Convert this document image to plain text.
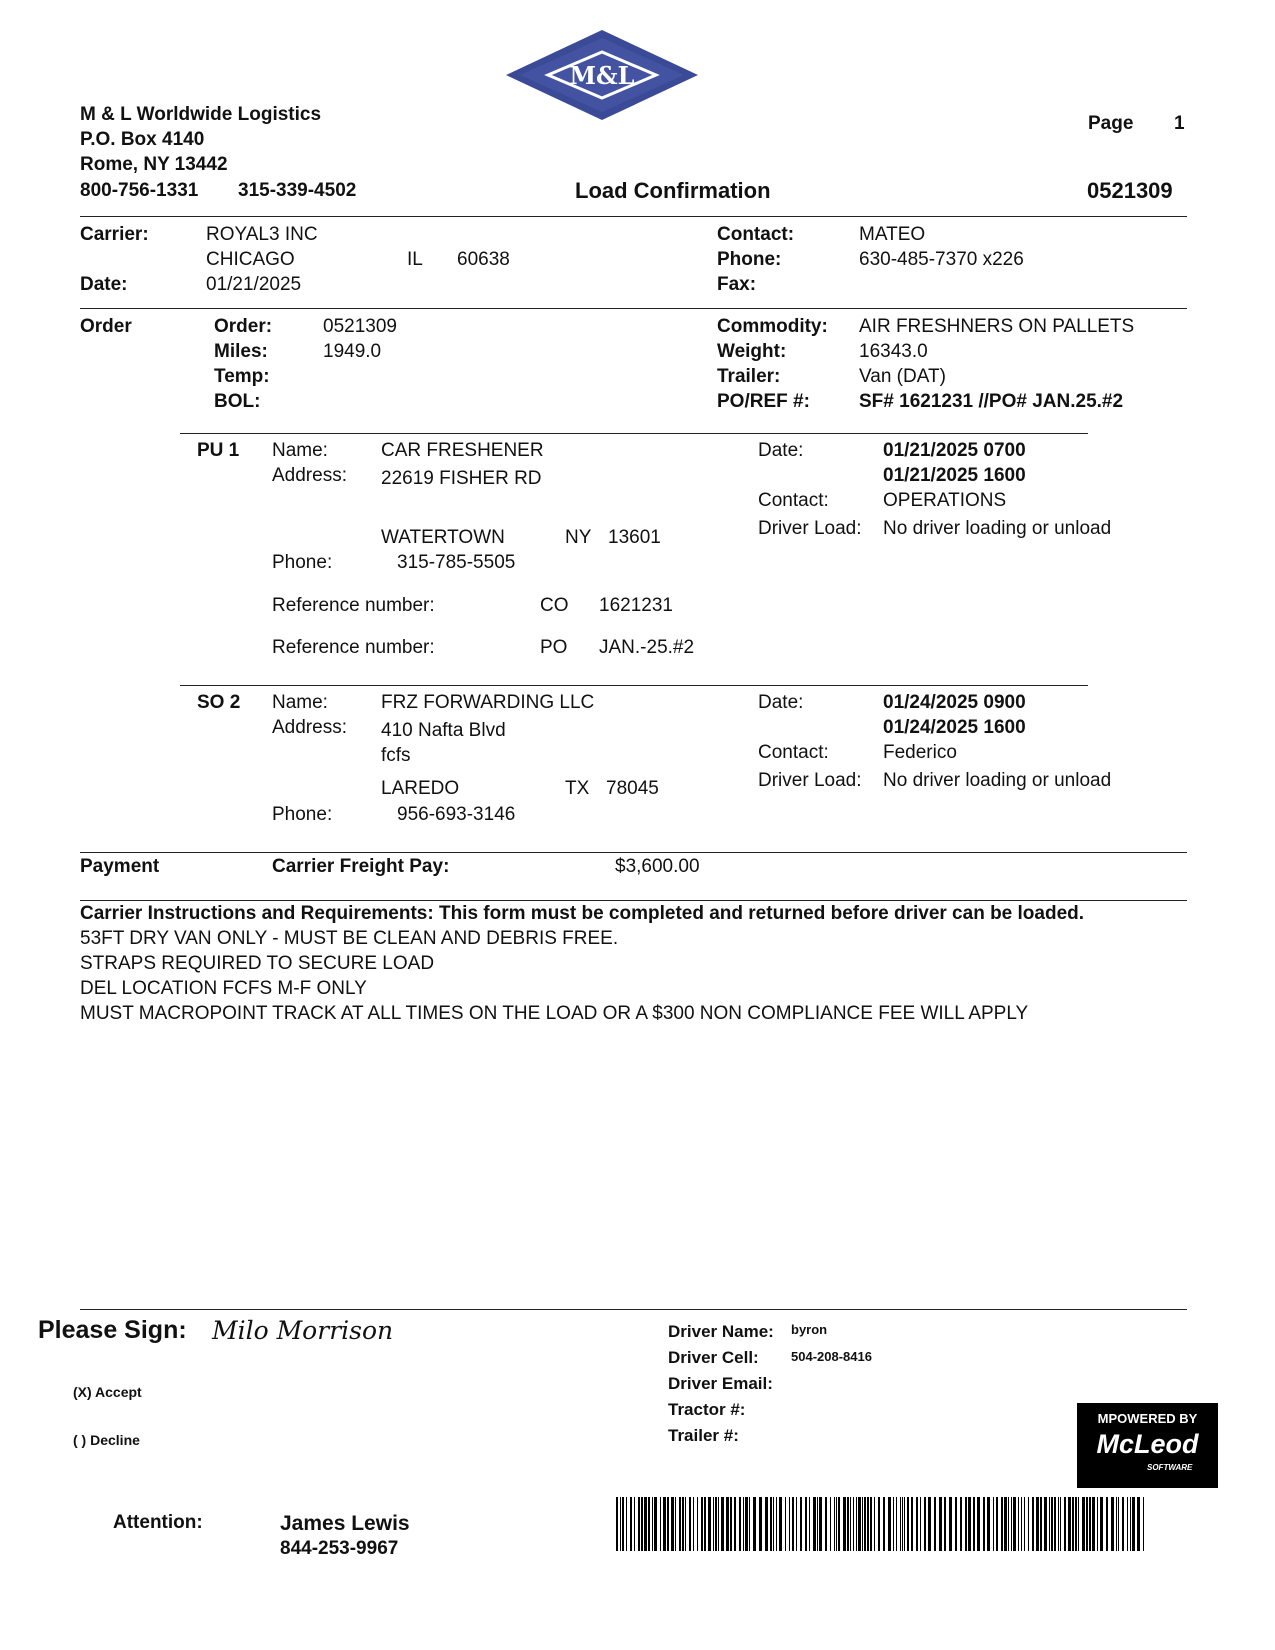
M&L
M & L Worldwide Logistics
P.O. Box 4140
Rome, NY 13442
800-756-1331 315-339-4502	Load Confirmation
Page 1
0521309
Carrier:	ROYAL3 INC
CHICAGO	IL 60638
Date:	01/21/2025
Contact:	MATEO
Phone:	630-485-7370 x226
Fax:
Order	Order:	0521309
Miles:	1949.0
Temp:
BOL:
Commodity: AIR FRESHNERS ON PALLETS
Weight:	16343.0
Trailer:	Van (DAT)
PO/REF #:	SF# 1621231 //PO# JAN.25.#2
PU 1 Name:	CAR FRESHENER
Address: 22619 FISHER RD
WATERTOWN	NY 13601
Phone:	315-785-5505
Reference number:	CO 1621231
Reference number:	PO JAN.-25.#2
Date:	01/21/2025 0700
01/21/2025 1600
Contact:	OPERATIONS
Driver Load: No driver loading or unload
SO 2 Name:	FRZ FORWARDING LLC
Address: 410 Nafta Blvd
fcfs
LAREDO	TX 78045
Phone:	956-693-3146
Date:	01/24/2025 0900
01/24/2025 1600
Contact:	Federico
Driver Load: No driver loading or unload
Payment	Carrier Freight Pay:	$3,600.00
Carrier Instructions and Requirements: This form must be completed and returned before driver can be loaded.
53FT DRY VAN ONLY - MUST BE CLEAN AND DEBRIS FREE.
STRAPS REQUIRED TO SECURE LOAD
DEL LOCATION FCFS M-F ONLY
MUST MACROPOINT TRACK AT ALL TIMES ON THE LOAD OR A $300 NON COMPLIANCE FEE WILL APPLY
Please Sign: Milo Morrison
(X) Accept
( ) Decline
Driver Name: byron
Driver Cell: 504-208-8416
Driver Email:
Tractor #:
Trailer #:
Attention:	James Lewis
844-253-9967
MPOWERED BY
McLeod
SOFTWARE
